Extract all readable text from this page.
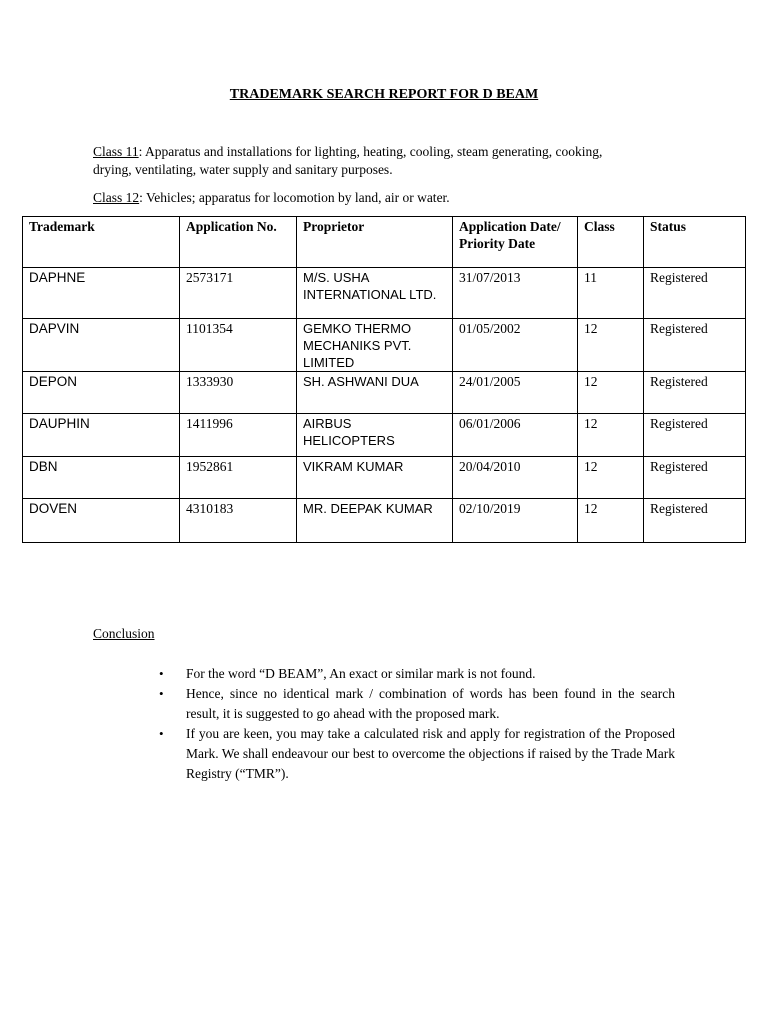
TRADEMARK SEARCH REPORT FOR D BEAM
Class 11: Apparatus and installations for lighting, heating, cooling, steam generating, cooking, drying, ventilating, water supply and sanitary purposes.
Class 12: Vehicles; apparatus for locomotion by land, air or water.
Trademark	Application No.	Proprietor	Application Date/ Priority Date	Class	Status
DAPHNE	2573171	M/S. USHA INTERNATIONAL LTD.	31/07/2013	11	Registered
DAPVIN	1101354	GEMKO THERMO MECHANIKS PVT. LIMITED	01/05/2002	12	Registered
DEPON	1333930	SH. ASHWANI DUA	24/01/2005	12	Registered
DAUPHIN	1411996	AIRBUS HELICOPTERS	06/01/2006	12	Registered
DBN	1952861	VIKRAM KUMAR	20/04/2010	12	Registered
DOVEN	4310183	MR. DEEPAK KUMAR	02/10/2019	12	Registered
Conclusion
• For the word “D BEAM”, An exact or similar mark is not found.
• Hence, since no identical mark / combination of words has been found in the search result, it is suggested to go ahead with the proposed mark.
• If you are keen, you may take a calculated risk and apply for registration of the Proposed Mark. We shall endeavour our best to overcome the objections if raised by the Trade Mark Registry (“TMR”).
